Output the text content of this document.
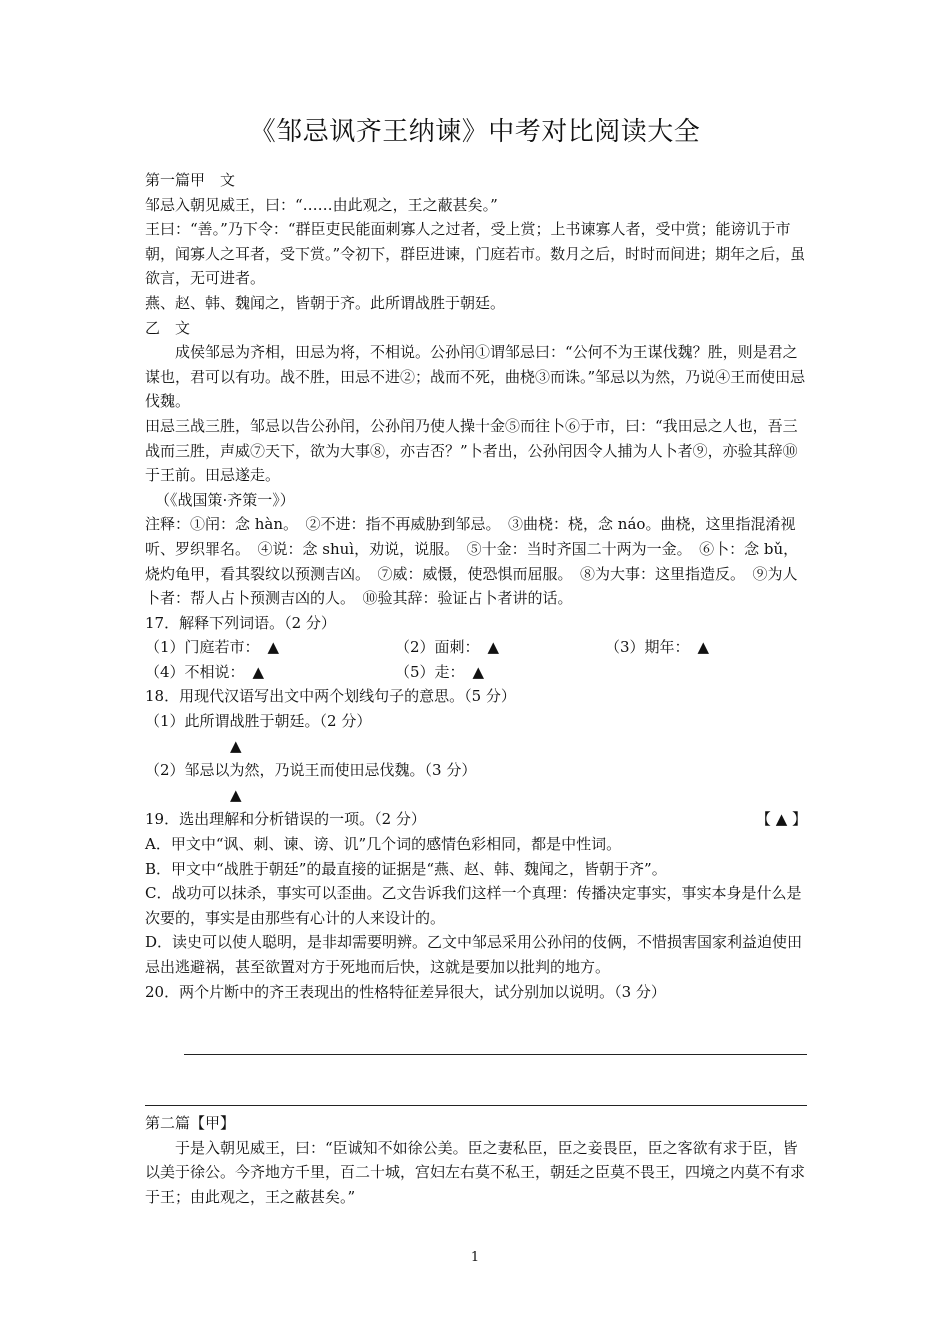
《邹忌讽齐王纳谏》中考对比阅读大全

第一篇甲　文

邹忌入朝见威王，曰：“……由此观之，王之蔽甚矣。”

王曰：“善。”乃下令：“群臣吏民能面刺寡人之过者，受上赏；上书谏寡人者，受中赏；能谤讥于市朝，闻寡人之耳者，受下赏。”令初下，群臣进谏，门庭若市。数月之后，时时而间进；期年之后，虽欲言，无可进者。

燕、赵、韩、魏闻之，皆朝于齐。此所谓战胜于朝廷。

乙　文

成侯邹忌为齐相，田忌为将，不相说。公孙闬①谓邹忌曰：“公何不为王谋伐魏？胜，则是君之谋也，君可以有功。战不胜，田忌不进②；战而不死，曲桡③而诛。”邹忌以为然，乃说④王而使田忌伐魏。

田忌三战三胜，邹忌以告公孙闬，公孙闬乃使人操十金⑤而往卜⑥于市，曰：“我田忌之人也，吾三战而三胜，声威⑦天下，欲为大事⑧，亦吉否？”卜者出，公孙闬因令人捕为人卜者⑨，亦验其辞⑩于王前。田忌遂走。

（《战国策·齐策一》）

注释：①闬：念 hàn。　②不进：指不再威胁到邹忌。　③曲桡：桡，念 náo。曲桡，这里指混淆视听、罗织罪名。　④说：念 shuì，劝说，说服。　⑤十金：当时齐国二十两为一金。　⑥卜：念 bǔ，烧灼龟甲，看其裂纹以预测吉凶。　⑦威：威慑，使恐惧而屈服。　⑧为大事：这里指造反。　⑨为人卜者：帮人占卜预测吉凶的人。　⑩验其辞：验证占卜者讲的话。

17．解释下列词语。（2 分）

（1）门庭若市： ▲	（2）面刺： ▲	（3）期年： ▲
（4）不相说： ▲	（5）走： ▲

18．用现代汉语写出文中两个划线句子的意思。（5 分）

（1）此所谓战胜于朝廷。（2 分）

▲

（2）邹忌以为然，乃说王而使田忌伐魏。（3 分）

▲

19．选出理解和分析错误的一项。（2 分）	【 ▲ 】

A．甲文中“讽、刺、谏、谤、讥”几个词的感情色彩相同，都是中性词。

B．甲文中“战胜于朝廷”的最直接的证据是“燕、赵、韩、魏闻之，皆朝于齐”。

C．战功可以抹杀，事实可以歪曲。乙文告诉我们这样一个真理：传播决定事实，事实本身是什么是次要的，事实是由那些有心计的人来设计的。

D．读史可以使人聪明，是非却需要明辨。乙文中邹忌采用公孙闬的伎俩，不惜损害国家利益迫使田忌出逃避祸，甚至欲置对方于死地而后快，这就是要加以批判的地方。

20．两个片断中的齐王表现出的性格特征差异很大，试分别加以说明。（3 分）

第二篇【甲】

于是入朝见威王，曰：“臣诚知不如徐公美。臣之妻私臣，臣之妾畏臣，臣之客欲有求于臣，皆以美于徐公。今齐地方千里，百二十城，宫妇左右莫不私王，朝廷之臣莫不畏王，四境之内莫不有求于王；由此观之，王之蔽甚矣。”

1
